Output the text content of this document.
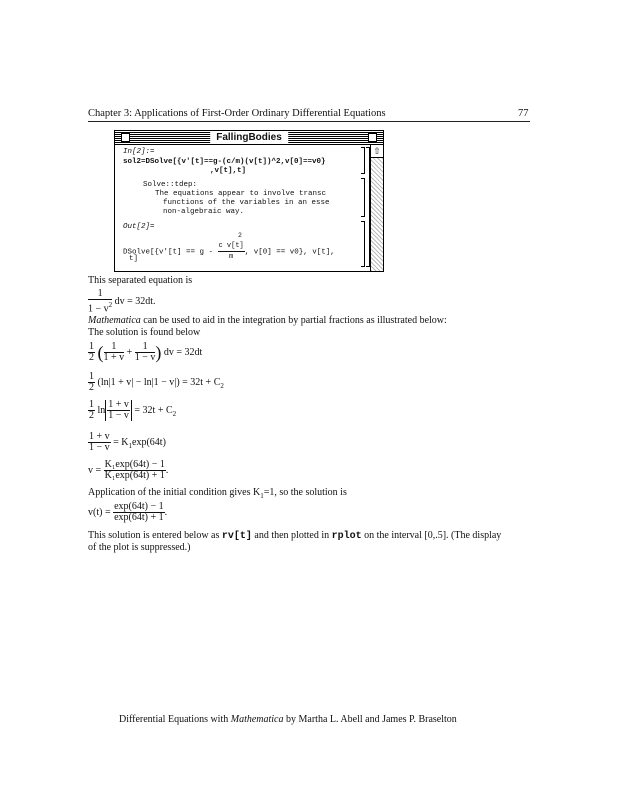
Chapter 3: Applications of First-Order Ordinary Differential Equations	77
FallingBodies
⇧
In[2]:=
sol2=DSolve[{v'[t]==g-(c/m)(v[t])^2,v[0]==v0}
,v[t],t]
Solve::tdep:
The equations appear to involve transc
functions of the variables in an esse
non-algebraic way.
Out[2]=
2
DSolve[{v'[t] == g - $\frac{\text{c v[t]}}{m}$ , v[0] == v0}, v[t],
t]
This separated equation is
$\frac{1}{1 - v^2}$ dv = 32dt.
Mathematica can be used to aid in the integration by partial fractions as illustrated below:
The solution is found below
$\frac{1}{2}$ ( $\frac{1}{1 + v} + \frac{1}{1 - v}$ ) dv = 32dt
$\frac{1}{2} (\ln|1 + v| - \ln|1 - v|) = 32t + C_2$
$\frac{1}{2}$ $\ln \frac{1 + v}{1 - v} = 32t + C_2$
$\frac{1 + v}{1 - v} = K_1\exp(64t)$
$v = \frac{\text{K₁exp(64t) − 1}}{\text{K₁exp(64t) + 1}}$ .
Application of the initial condition gives $K_1=1$, so the solution is
$v(t) = \frac{\exp(64t) - 1}{\exp(64t) + 1}$ .
This solution is entered below as rv[t] and then plotted in rplot on the interval [0,.5]. (The display
of the plot is suppressed.)
Differential Equations with Mathematica by Martha L. Abell and James P. Braselton
